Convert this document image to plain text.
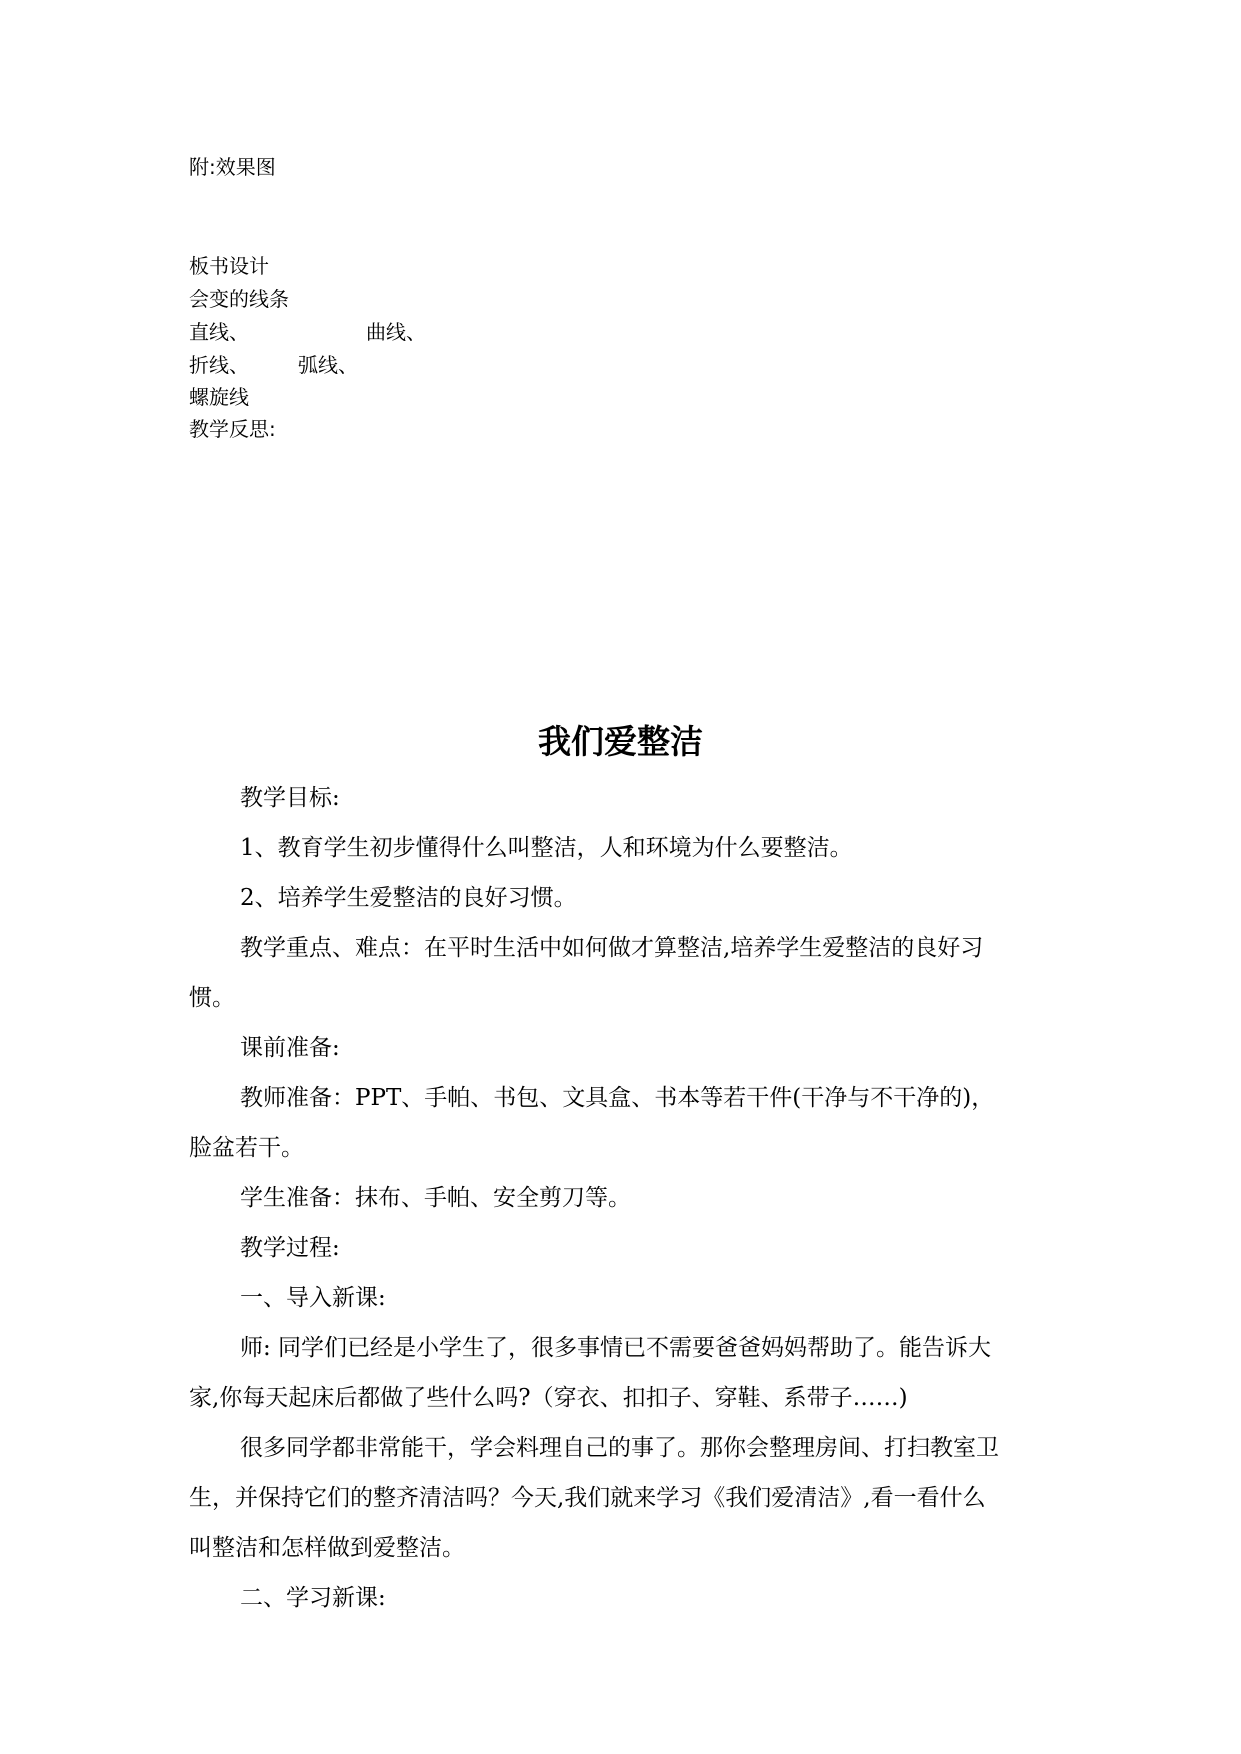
附:效果图
板书设计
会变的线条
直线、	曲线、
折线、 弧线、
螺旋线
教学反思:
我们爱整洁
教学目标:
1、教育学生初步懂得什么叫整洁，人和环境为什么要整洁。
2、培养学生爱整洁的良好习惯。
教学重点、难点：在平时生活中如何做才算整洁,培养学生爱整洁的良好习
惯。
课前准备:
教师准备：PPT、手帕、书包、文具盒、书本等若干件(干净与不干净的)，
脸盆若干。
学生准备：抹布、手帕、安全剪刀等。
教学过程:
一、导入新课:
师: 同学们已经是小学生了，很多事情已不需要爸爸妈妈帮助了。能告诉大
家,你每天起床后都做了些什么吗?（穿衣、扣扣子、穿鞋、系带子……)
很多同学都非常能干，学会料理自己的事了。那你会整理房间、打扫教室卫
生，并保持它们的整齐清洁吗？今天,我们就来学习《我们爱清洁》,看一看什么
叫整洁和怎样做到爱整洁。
二、学习新课:
